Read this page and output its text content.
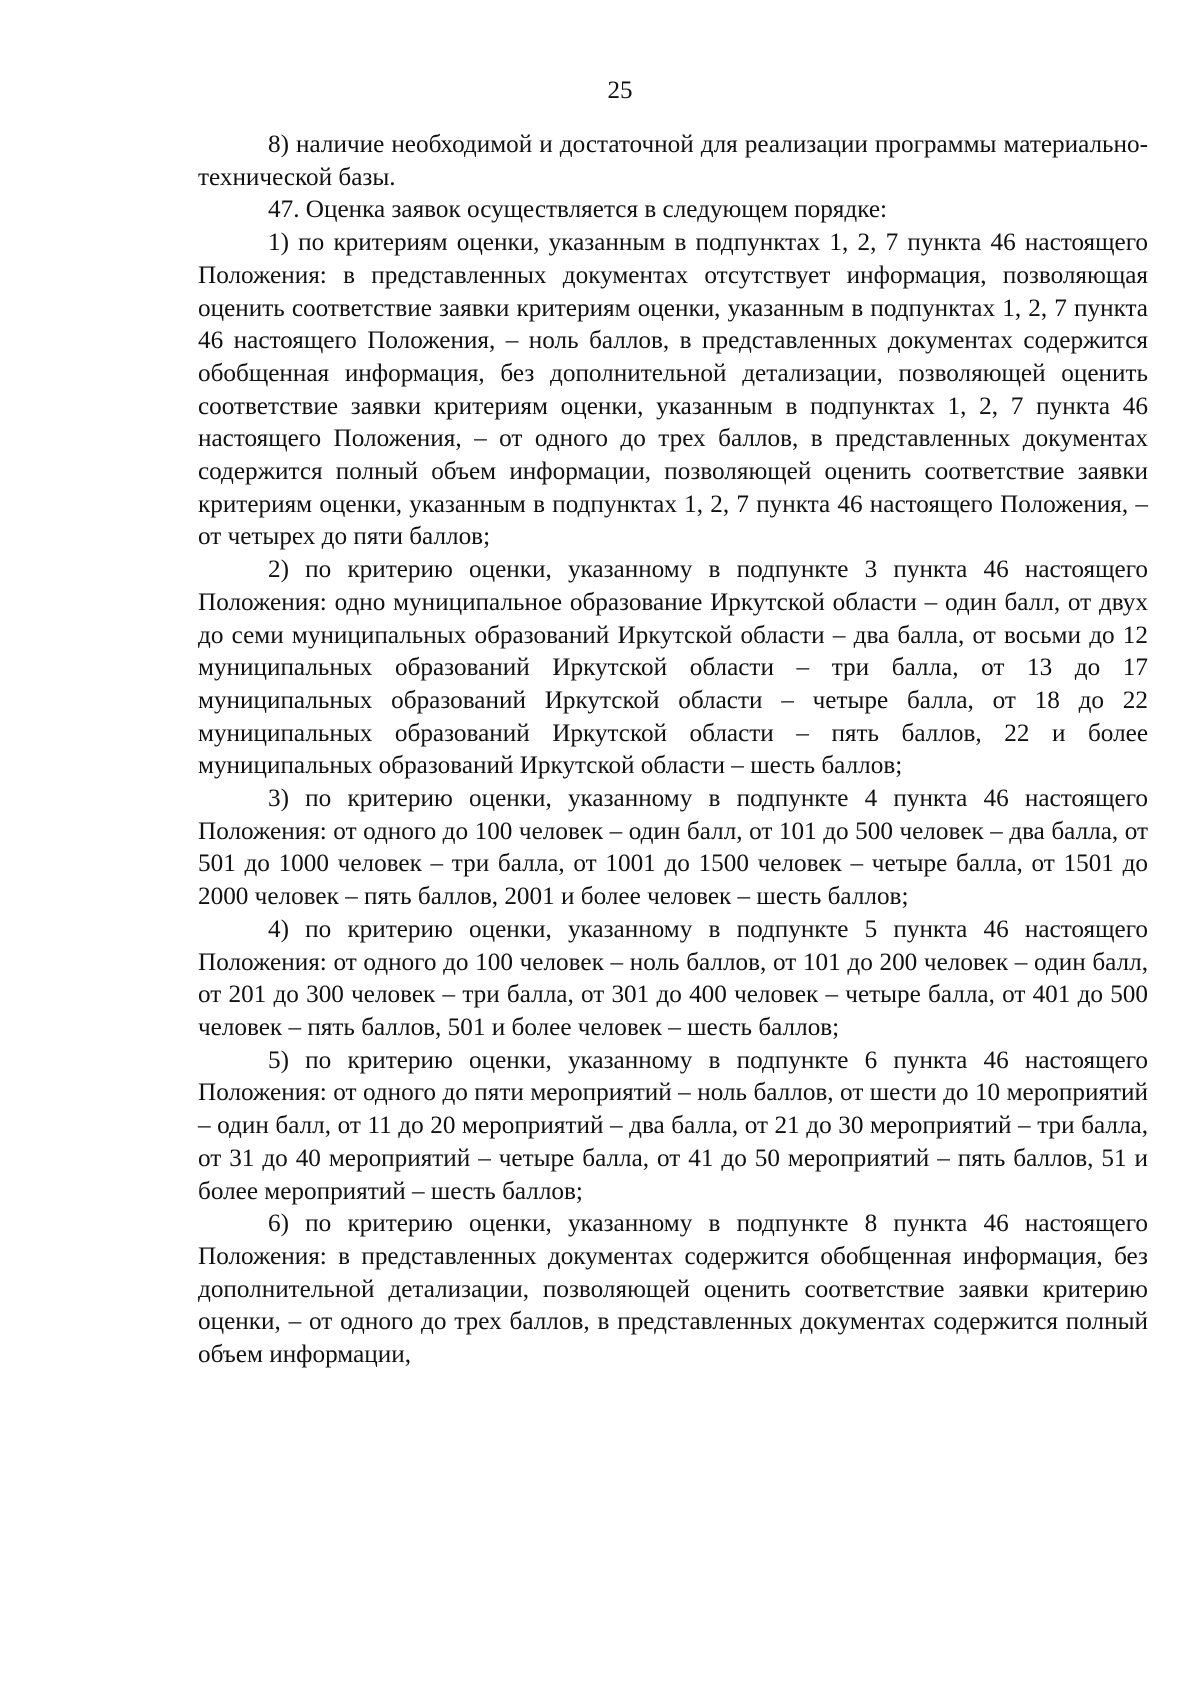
25

8) наличие необходимой и достаточной для реализации программы материально-технической базы.

47. Оценка заявок осуществляется в следующем порядке:

1) по критериям оценки, указанным в подпунктах 1, 2, 7 пункта 46 настоящего Положения: в представленных документах отсутствует информация, позволяющая оценить соответствие заявки критериям оценки, указанным в подпунктах 1, 2, 7 пункта 46 настоящего Положения, – ноль баллов, в представленных документах содержится обобщенная информация, без дополнительной детализации, позволяющей оценить соответствие заявки критериям оценки, указанным в подпунктах 1, 2, 7 пункта 46 настоящего Положения, – от одного до трех баллов, в представленных документах содержится полный объем информации, позволяющей оценить соответствие заявки критериям оценки, указанным в подпунктах 1, 2, 7 пункта 46 настоящего Положения, – от четырех до пяти баллов;

2) по критерию оценки, указанному в подпункте 3 пункта 46 настоящего Положения: одно муниципальное образование Иркутской области – один балл, от двух до семи муниципальных образований Иркутской области – два балла, от восьми до 12 муниципальных образований Иркутской области – три балла, от 13 до 17 муниципальных образований Иркутской области – четыре балла, от 18 до 22 муниципальных образований Иркутской области – пять баллов, 22 и более муниципальных образований Иркутской области – шесть баллов;

3) по критерию оценки, указанному в подпункте 4 пункта 46 настоящего Положения: от одного до 100 человек – один балл, от 101 до 500 человек – два балла, от 501 до 1000 человек – три балла, от 1001 до 1500 человек – четыре балла, от 1501 до 2000 человек – пять баллов, 2001 и более человек – шесть баллов;

4) по критерию оценки, указанному в подпункте 5 пункта 46 настоящего Положения: от одного до 100 человек – ноль баллов, от 101 до 200 человек – один балл, от 201 до 300 человек – три балла, от 301 до 400 человек – четыре балла, от 401 до 500 человек – пять баллов, 501 и более человек – шесть баллов;

5) по критерию оценки, указанному в подпункте 6 пункта 46 настоящего Положения: от одного до пяти мероприятий – ноль баллов, от шести до 10 мероприятий – один балл, от 11 до 20 мероприятий – два балла, от 21 до 30 мероприятий – три балла, от 31 до 40 мероприятий – четыре балла, от 41 до 50 мероприятий – пять баллов, 51 и более мероприятий – шесть баллов;

6) по критерию оценки, указанному в подпункте 8 пункта 46 настоящего Положения: в представленных документах содержится обобщенная информация, без дополнительной детализации, позволяющей оценить соответствие заявки критерию оценки, – от одного до трех баллов, в представленных документах содержится полный объем информации,
